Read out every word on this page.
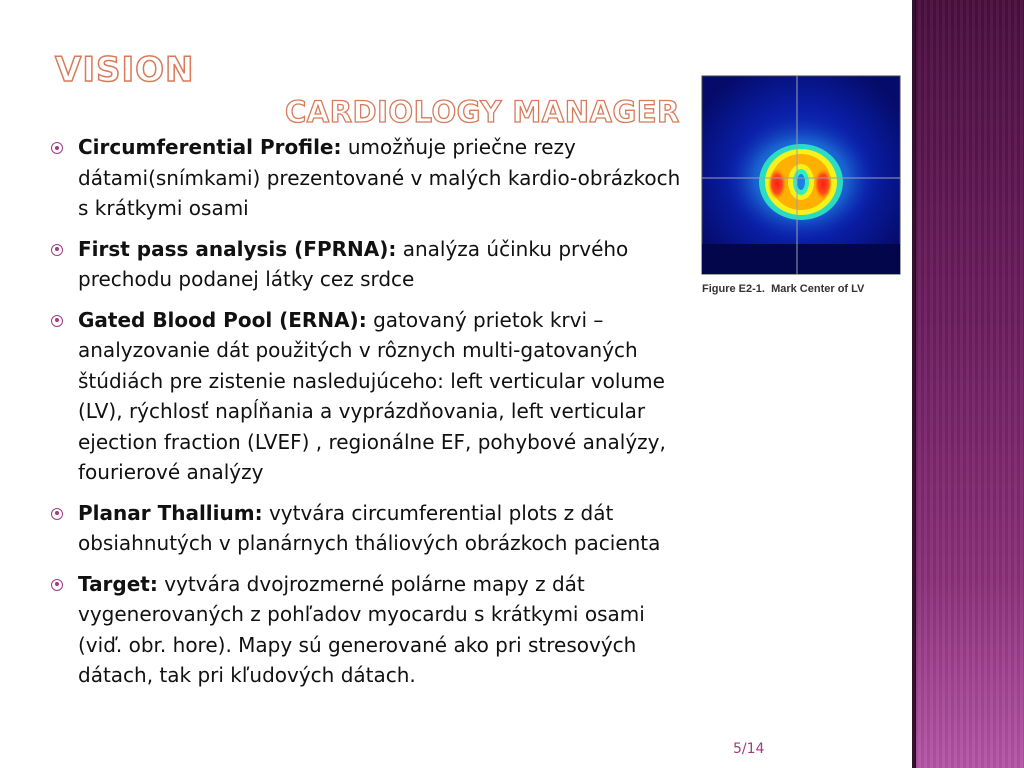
VISION
CARDIOLOGY MANAGER
Circumferential Profile: umožňuje priečne rezy dátami(snímkami) prezentované v malých kardio-obrázkoch s krátkymi osami
First pass analysis (FPRNA): analýza účinku prvého prechodu podanej látky cez srdce
Gated Blood Pool (ERNA): gatovaný prietok krvi – analyzovanie dát použitých v rôznych multi-gatovaných štúdiách pre zistenie nasledujúceho: left verticular volume (LV), rýchlosť napĺňania a vyprázdňovania, left verticular ejection fraction (LVEF) , regionálne EF, pohybové analýzy, fourierové analýzy
Planar Thallium: vytvára circumferential plots z dát obsiahnutých v planárnych tháliových obrázkoch pacienta
Target: vytvára dvojrozmerné polárne mapy z dát vygenerovaných z pohľadov myocardu s krátkymi osami (viď. obr. hore). Mapy sú generované ako pri stresových dátach, tak pri kľudových dátach.

Figure E2-1.  Mark Center of LV

5/14
